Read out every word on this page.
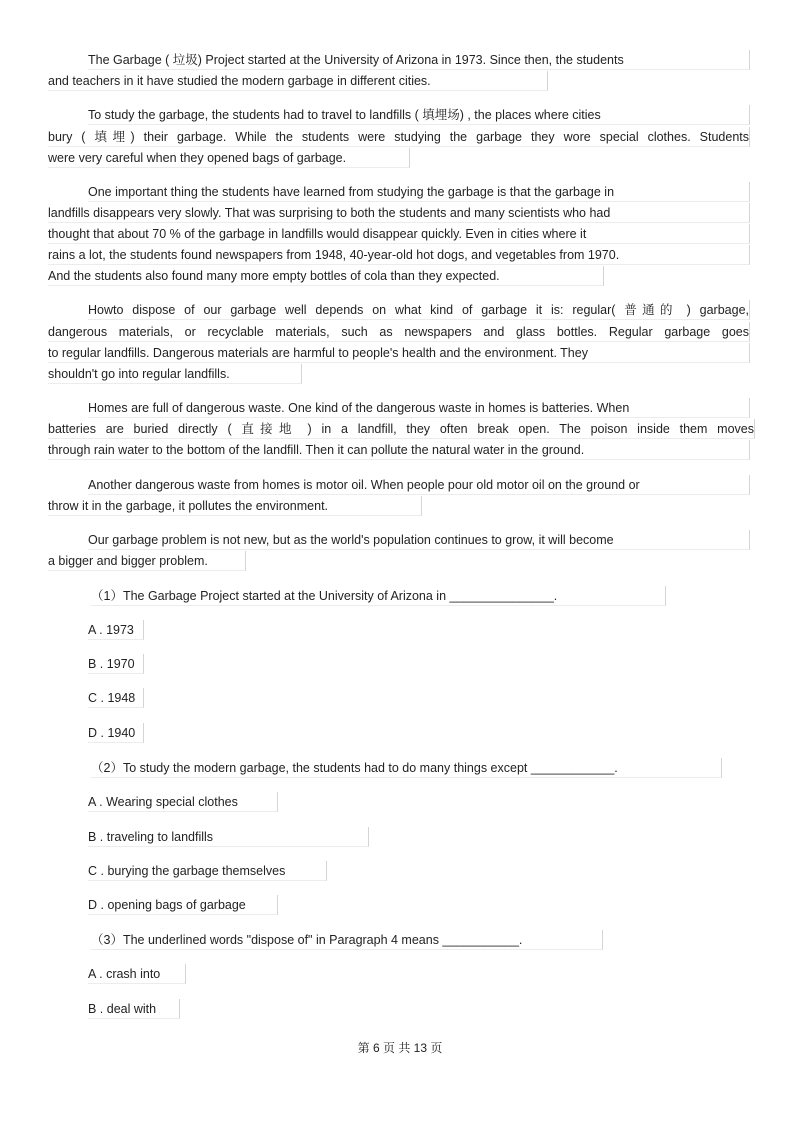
The Garbage ( 垃圾) Project started at the University of Arizona in 1973. Since then, the students
and teachers in it have studied the modern garbage in different cities.
To study the garbage, the students had to travel to landfills ( 填埋场) , the places where cities
bury ( 填埋) their garbage. While the students were studying the garbage they wore special clothes. Students
were very careful when they opened bags of garbage.
One important thing the students have learned from studying the garbage is that the garbage in
landfills disappears very slowly. That was surprising to both the students and many scientists who had
thought that about 70 % of the garbage in landfills would disappear quickly. Even in cities where it
rains a lot, the students found newspapers from 1948, 40-year-old hot dogs, and vegetables from 1970.
And the students also found many more empty bottles of cola than they expected.
Howto dispose of our garbage well depends on what kind of garbage it is: regular( 普通的 ) garbage,
dangerous materials, or recyclable materials, such as newspapers and glass bottles. Regular garbage goes
to regular landfills. Dangerous materials are harmful to people's health and the environment. They
shouldn't go into regular landfills.
Homes are full of dangerous waste. One kind of the dangerous waste in homes is batteries. When
batteries are buried directly ( 直接地 ) in a landfill, they often break open. The poison inside them moves
through rain water to the bottom of the landfill. Then it can pollute the natural water in the ground.
Another dangerous waste from homes is motor oil. When people pour old motor oil on the ground or
throw it in the garbage, it pollutes the environment.
Our garbage problem is not new, but as the world's population continues to grow, it will become
a bigger and bigger problem.
（1）The Garbage Project started at the University of Arizona in _______________.
A . 1973
B . 1970
C . 1948
D . 1940
（2）To study the modern garbage, the students had to do many things except ____________.
A . Wearing special clothes
B . traveling to landfills
C . burying the garbage themselves
D . opening bags of garbage
（3）The underlined words "dispose of" in Paragraph 4 means ___________.
A . crash into
B . deal with
第 6 页 共 13 页
